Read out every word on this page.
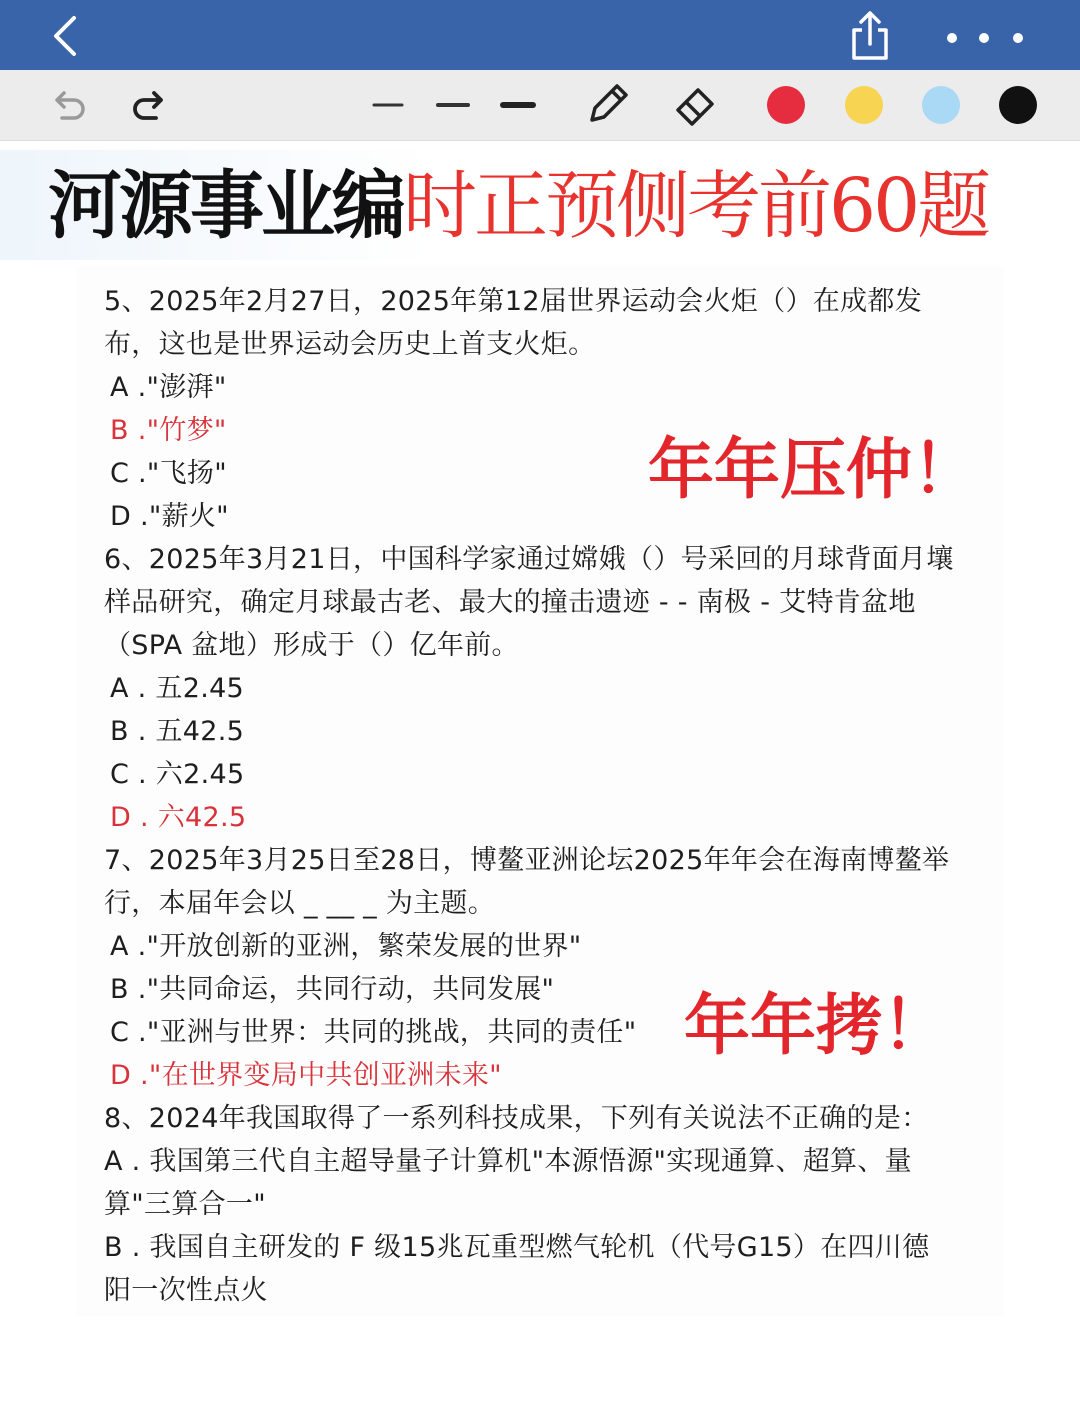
河源事业编时正预侧考前60题
5、2025年2月27日，2025年第12届世界运动会火炬（）在成都发
布，这也是世界运动会历史上首支火炬。
A ."澎湃"
B ."竹梦"
C ."飞扬"
D ."薪火"
6、2025年3月21日，中国科学家通过嫦娥（）号采回的月球背面月壤
样品研究，确定月球最古老、最大的撞击遗迹 - - 南极 - 艾特肯盆地
（SPA 盆地）形成于（）亿年前。
A . 五2.45
B . 五42.5
C . 六2.45
D . 六42.5
7、2025年3月25日至28日，博鳌亚洲论坛2025年年会在海南博鳌举
行，本届年会以 _ __ _ 为主题。
A ."开放创新的亚洲，繁荣发展的世界"
B ."共同命运，共同行动，共同发展"
C ."亚洲与世界：共同的挑战，共同的责任"
D ."在世界变局中共创亚洲未来"
8、2024年我国取得了一系列科技成果，下列有关说法不正确的是：
A . 我国第三代自主超导量子计算机"本源悟源"实现通算、超算、量
算"三算合一"
B . 我国自主研发的 F 级15兆瓦重型燃气轮机（代号G15）在四川德
阳一次性点火
年年压仲！
年年拷！
